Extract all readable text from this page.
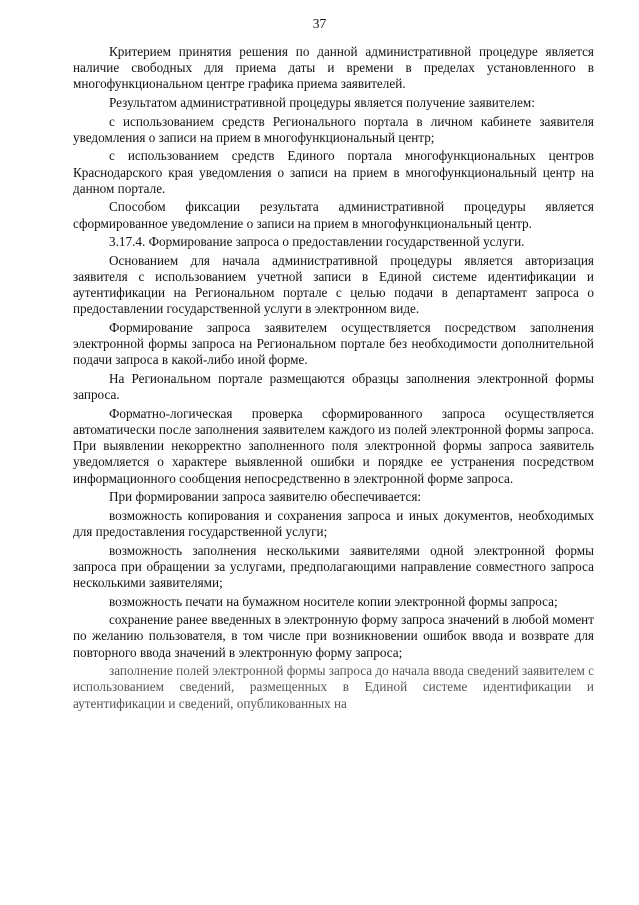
37

Критерием принятия решения по данной административной процедуре является наличие свободных для приема даты и времени в пределах установленного в многофункциональном центре графика приема заявителей.

Результатом административной процедуры является получение заявителем:

с использованием средств Регионального портала в личном кабинете заявителя уведомления о записи на прием в многофункциональный центр;

с использованием средств Единого портала многофункциональных центров Краснодарского края уведомления о записи на прием в многофункциональный центр на данном портале.

Способом фиксации результата административной процедуры является сформированное уведомление о записи на прием в многофункциональный центр.

3.17.4. Формирование запроса о предоставлении государственной услуги.

Основанием для начала административной процедуры является авторизация заявителя с использованием учетной записи в Единой системе идентификации и аутентификации на Региональном портале с целью подачи в департамент запроса о предоставлении государственной услуги в электронном виде.

Формирование запроса заявителем осуществляется посредством заполнения электронной формы запроса на Региональном портале без необходимости дополнительной подачи запроса в какой-либо иной форме.

На Региональном портале размещаются образцы заполнения электронной формы запроса.

Форматно-логическая проверка сформированного запроса осуществляется автоматически после заполнения заявителем каждого из полей электронной формы запроса. При выявлении некорректно заполненного поля электронной формы запроса заявитель уведомляется о характере выявленной ошибки и порядке ее устранения посредством информационного сообщения непосредственно в электронной форме запроса.

При формировании запроса заявителю обеспечивается:

возможность копирования и сохранения запроса и иных документов, необходимых для предоставления государственной услуги;

возможность заполнения несколькими заявителями одной электронной формы запроса при обращении за услугами, предполагающими направление совместного запроса несколькими заявителями;

возможность печати на бумажном носителе копии электронной формы запроса;

сохранение ранее введенных в электронную форму запроса значений в любой момент по желанию пользователя, в том числе при возникновении ошибок ввода и возврате для повторного ввода значений в электронную форму запроса;

заполнение полей электронной формы запроса до начала ввода сведений заявителем с использованием сведений, размещенных в Единой системе идентификации и аутентификации и сведений, опубликованных на
